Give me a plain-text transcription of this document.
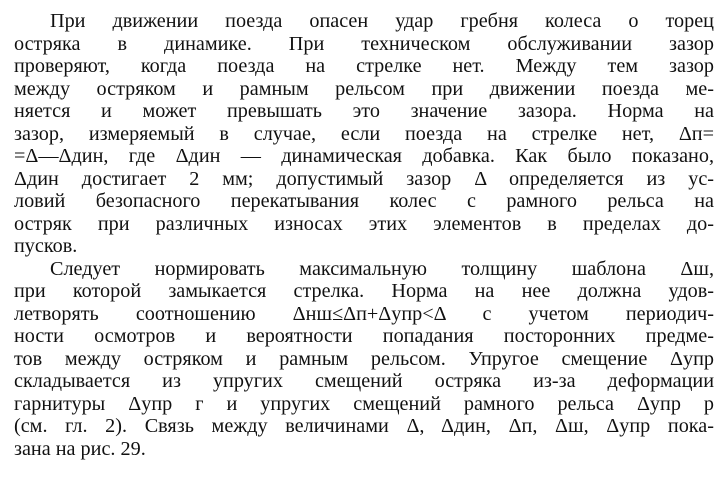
При движении поезда опасен удар гребня колеса о торец
остряка в динамике. При техническом обслуживании зазор
проверяют, когда поезда на стрелке нет. Между тем зазор
между остряком и рамным рельсом при движении поезда ме-
няется и может превышать это значение зазора. Норма на
зазор, измеряемый в случае, если поезда на стрелке нет, Δп=
=Δ—Δдин, где Δдин — динамическая добавка. Как было показано,
Δдин достигает 2 мм; допустимый зазор Δ определяется из ус-
ловий безопасного перекатывания колес с рамного рельса на
остряк при различных износах этих элементов в пределах до-
пусков.
Следует нормировать максимальную толщину шаблона Δш,
при которой замыкается стрелка. Норма на нее должна удов-
летворять соотношению Δнш≤Δп+Δупр<Δ с учетом периодич-
ности осмотров и вероятности попадания посторонних предме-
тов между остряком и рамным рельсом. Упругое смещение Δупр
складывается из упругих смещений остряка из-за деформации
гарнитуры Δупр г и упругих смещений рамного рельса Δупр р
(см. гл. 2). Связь между величинами Δ, Δдин, Δп, Δш, Δупр пока-
зана на рис. 29.
